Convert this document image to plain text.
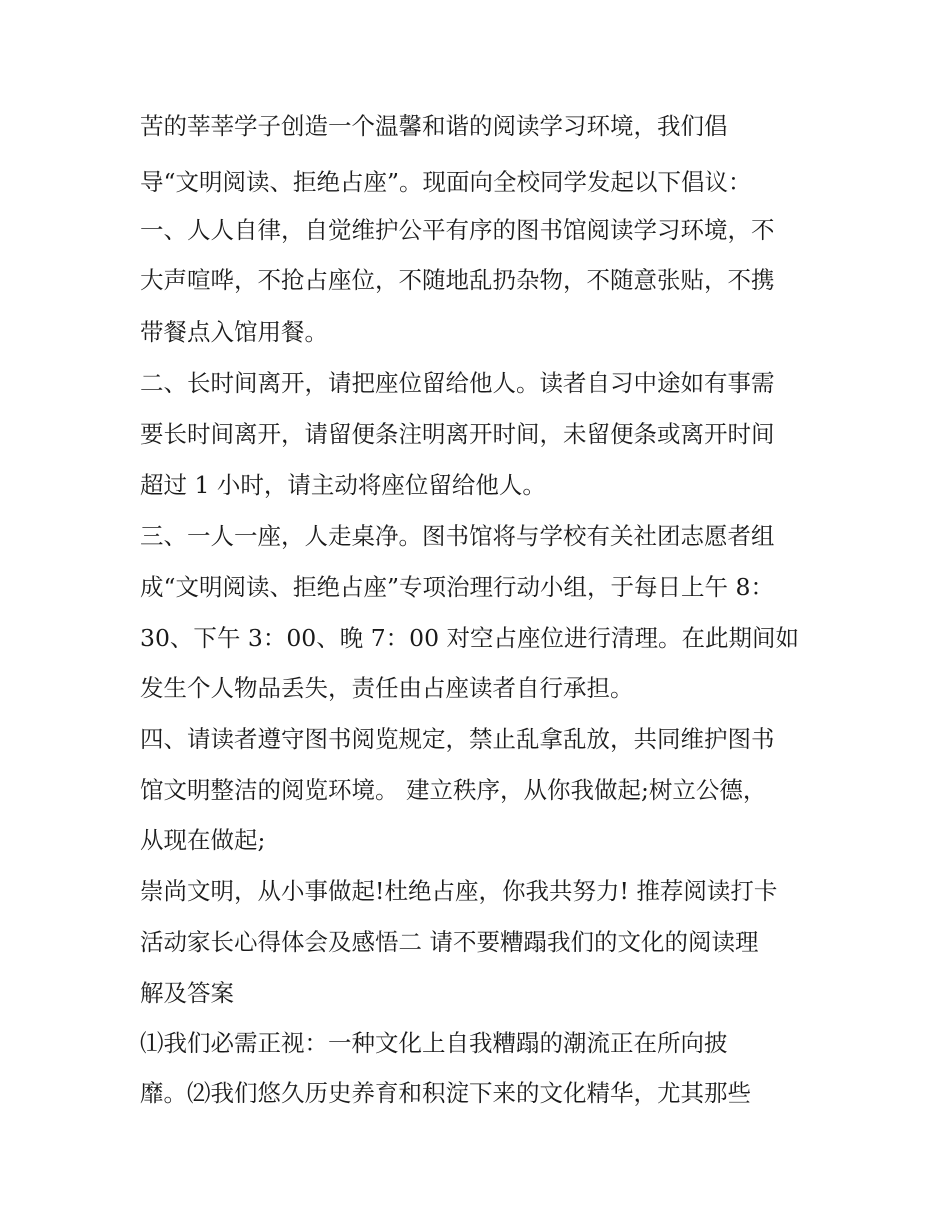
苦的莘莘学子创造一个温馨和谐的阅读学习环境，我们倡
导“文明阅读、拒绝占座”。现面向全校同学发起以下倡议：
一、人人自律，自觉维护公平有序的图书馆阅读学习环境，不
大声喧哗，不抢占座位，不随地乱扔杂物，不随意张贴，不携
带餐点入馆用餐。
二、长时间离开，请把座位留给他人。读者自习中途如有事需
要长时间离开，请留便条注明离开时间，未留便条或离开时间
超过 1 小时，请主动将座位留给他人。
三、一人一座，人走桌净。图书馆将与学校有关社团志愿者组
成“文明阅读、拒绝占座”专项治理行动小组，于每日上午 8：
30、下午 3：00、晚 7：00 对空占座位进行清理。在此期间如
发生个人物品丢失，责任由占座读者自行承担。
四、请读者遵守图书阅览规定，禁止乱拿乱放，共同维护图书
馆文明整洁的阅览环境。 建立秩序，从你我做起;树立公德，
从现在做起;
崇尚文明，从小事做起!杜绝占座，你我共努力! 推荐阅读打卡
活动家长心得体会及感悟二 请不要糟蹋我们的文化的阅读理
解及答案
⑴我们必需正视：一种文化上自我糟蹋的潮流正在所向披
靡。⑵我们悠久历史养育和积淀下来的文化精华，尤其那些
